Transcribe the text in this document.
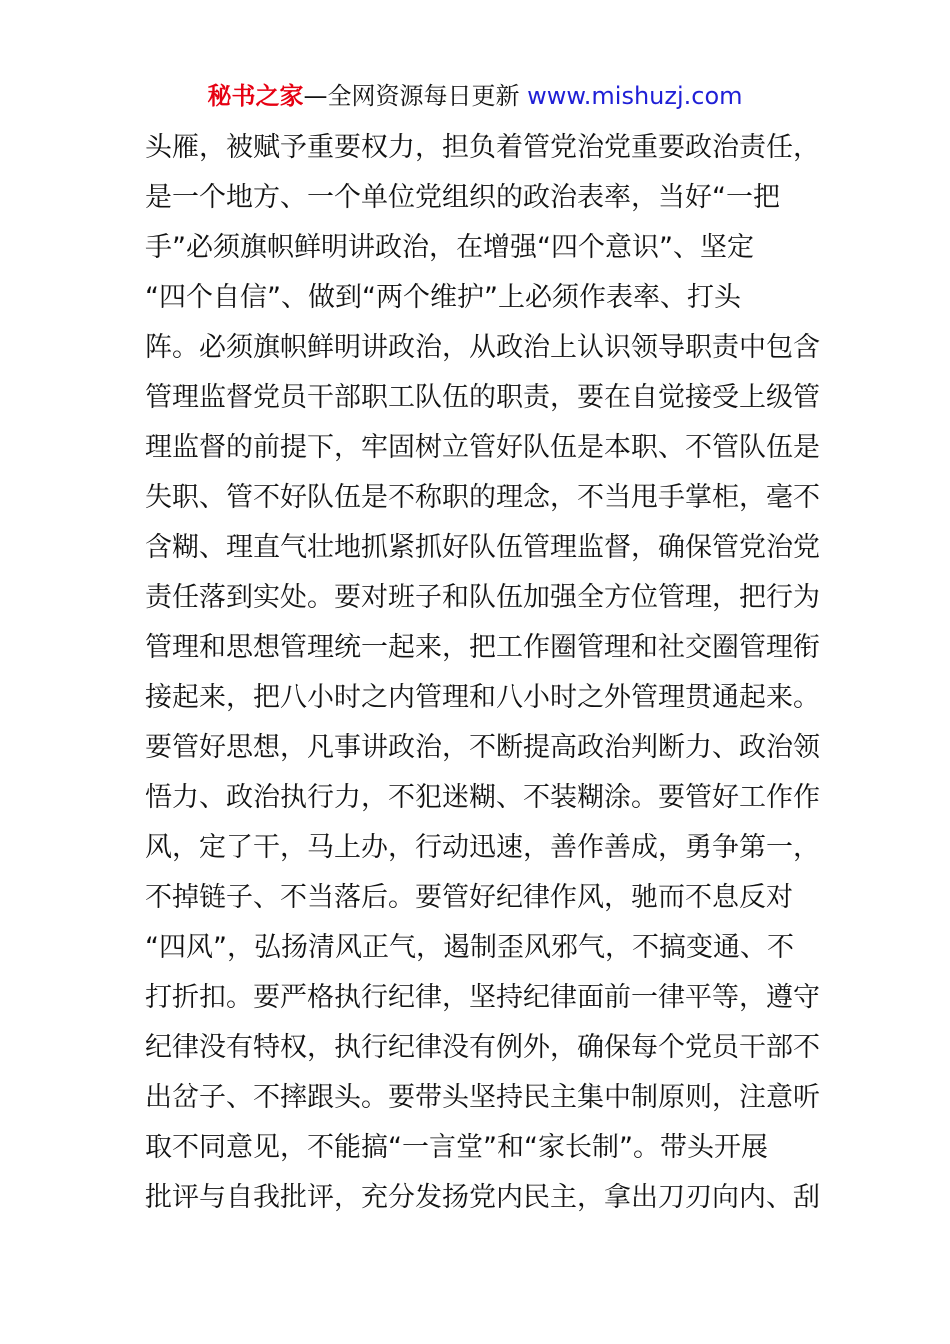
秘书之家—全网资源每日更新 www.mishuzj.com
头雁，被赋予重要权力，担负着管党治党重要政治责任，
是一个地方、一个单位党组织的政治表率，当好“一把
手”必须旗帜鲜明讲政治，在增强“四个意识”、坚定
“四个自信”、做到“两个维护”上必须作表率、打头
阵。必须旗帜鲜明讲政治，从政治上认识领导职责中包含
管理监督党员干部职工队伍的职责，要在自觉接受上级管
理监督的前提下，牢固树立管好队伍是本职、不管队伍是
失职、管不好队伍是不称职的理念，不当甩手掌柜，毫不
含糊、理直气壮地抓紧抓好队伍管理监督，确保管党治党
责任落到实处。要对班子和队伍加强全方位管理，把行为
管理和思想管理统一起来，把工作圈管理和社交圈管理衔
接起来，把八小时之内管理和八小时之外管理贯通起来。
要管好思想，凡事讲政治，不断提高政治判断力、政治领
悟力、政治执行力，不犯迷糊、不装糊涂。要管好工作作
风，定了干，马上办，行动迅速，善作善成，勇争第一，
不掉链子、不当落后。要管好纪律作风，驰而不息反对
“四风”，弘扬清风正气，遏制歪风邪气，不搞变通、不
打折扣。要严格执行纪律，坚持纪律面前一律平等，遵守
纪律没有特权，执行纪律没有例外，确保每个党员干部不
出岔子、不摔跟头。要带头坚持民主集中制原则，注意听
取不同意见，不能搞“一言堂”和“家长制”。带头开展
批评与自我批评，充分发扬党内民主，拿出刀刃向内、刮
